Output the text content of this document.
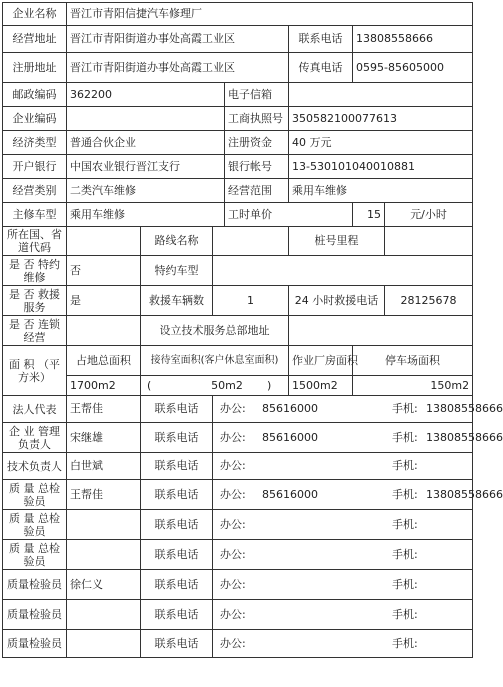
企业名称	晋江市青阳信捷汽车修理厂						
经营地址	晋江市青阳街道办事处高霞工业区				联系电话	13808558666	
注册地址	晋江市青阳街道办事处高霞工业区				传真电话	0595-85605000	
邮政编码	362200			电子信箱			
企业编码				工商执照号	350582100077613		
经济类型	普通合伙企业			注册资金	40 万元		
开户银行	中国农业银行晋江支行			银行帐号	13-530101040010881		
经营类别	二类汽车维修			经营范围	乘用车维修		
主修车型	乘用车维修			工时单价		15	元/小时
所在国、省道代码		路线名称			桩号里程		
是 否 特约维修	否	特约车型					
是 否 救援服务	是	救援车辆数	1		24 小时救援电话		28125678
是 否 连锁经营		设立技术服务总部地址					
面 积 （平方米）	占地总面积	接待室面积(客户休息室面积)			作业厂房面积	停车场面积	
	1700m2	( 50m2 )			1500m2	150m2	
法人代表	王帮佳	联系电话	办公: 85616000 手机: 13808558666				
企 业 管理负责人	宋继雄	联系电话	办公: 85616000 手机: 13808558666				
技术负责人	白世斌	联系电话	办公: 手机:				
质 量 总检验员	王帮佳	联系电话	办公: 85616000 手机: 13808558666				
质 量 总检验员		联系电话	办公: 手机:				
质 量 总检验员		联系电话	办公: 手机:				
质量检验员	徐仁义	联系电话	办公: 手机:				
质量检验员		联系电话	办公: 手机:				
质量检验员		联系电话	办公: 手机:				
